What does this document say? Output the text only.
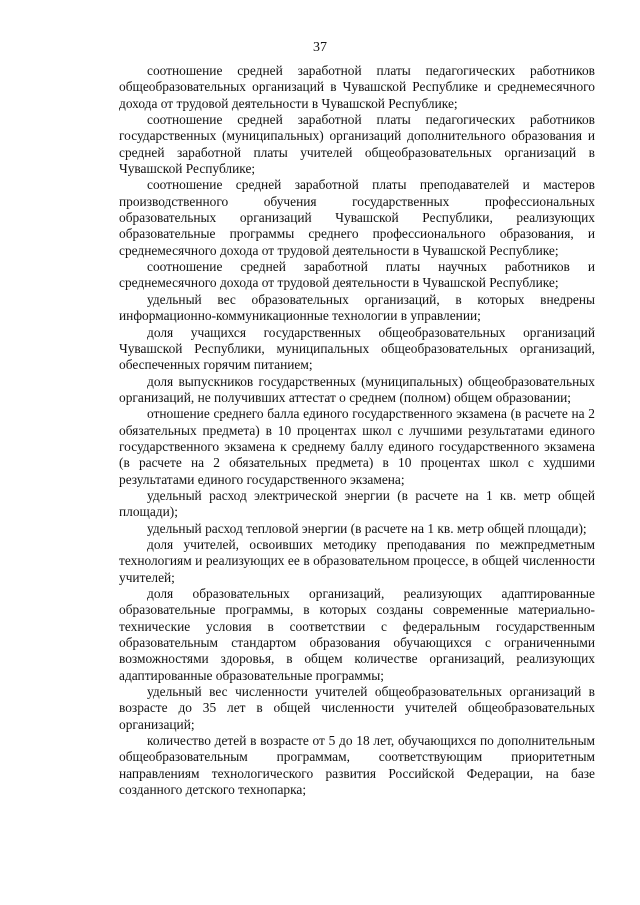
37

соотношение средней заработной платы педагогических работников общеобразовательных организаций в Чувашской Республике и среднемесячного дохода от трудовой деятельности в Чувашской Республике;

соотношение средней заработной платы педагогических работников государственных (муниципальных) организаций дополнительного образования и средней заработной платы учителей общеобразовательных организаций в Чувашской Республике;

соотношение средней заработной платы преподавателей и мастеров производственного обучения государственных профессиональных образовательных организаций Чувашской Республики, реализующих образовательные программы среднего профессионального образования, и среднемесячного дохода от трудовой деятельности в Чувашской Республике;

соотношение средней заработной платы научных работников и среднемесячного дохода от трудовой деятельности в Чувашской Республике;

удельный вес образовательных организаций, в которых внедрены информационно-коммуникационные технологии в управлении;

доля учащихся государственных общеобразовательных организаций Чувашской Республики, муниципальных общеобразовательных организаций, обеспеченных горячим питанием;

доля выпускников государственных (муниципальных) общеобразовательных организаций, не получивших аттестат о среднем (полном) общем образовании;

отношение среднего балла единого государственного экзамена (в расчете на 2 обязательных предмета) в 10 процентах школ с лучшими результатами единого государственного экзамена к среднему баллу единого государственного экзамена (в расчете на 2 обязательных предмета) в 10 процентах школ с худшими результатами единого государственного экзамена;

удельный расход электрической энергии (в расчете на 1 кв. метр общей площади);

удельный расход тепловой энергии (в расчете на 1 кв. метр общей площади);

доля учителей, освоивших методику преподавания по межпредметным технологиям и реализующих ее в образовательном процессе, в общей численности учителей;

доля образовательных организаций, реализующих адаптированные образовательные программы, в которых созданы современные материально-технические условия в соответствии с федеральным государственным образовательным стандартом образования обучающихся с ограниченными возможностями здоровья, в общем количестве организаций, реализующих адаптированные образовательные программы;

удельный вес численности учителей общеобразовательных организаций в возрасте до 35 лет в общей численности учителей общеобразовательных организаций;

количество детей в возрасте от 5 до 18 лет, обучающихся по дополнительным общеобразовательным программам, соответствующим приоритетным направлениям технологического развития Российской Федерации, на базе созданного детского технопарка;
